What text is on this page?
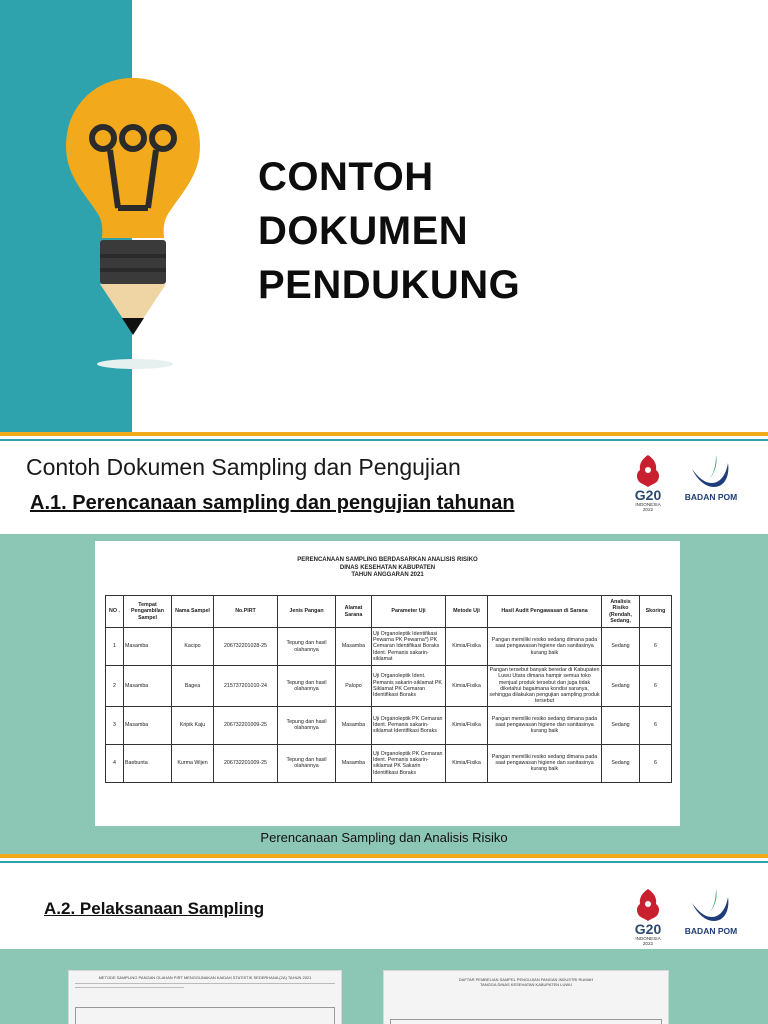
CONTOH
DOKUMEN
PENDUKUNG
Contoh Dokumen Sampling dan Pengujian
A.1. Perencanaan sampling dan pengujian tahunan	G20
INDONESIA
2022
BADAN POM
PERENCANAAN SAMPLING BERDASARKAN ANALISIS RISIKO
DINAS KESEHATAN KABUPATEN
TAHUN ANGGARAN 2021
NO .	Tempat Pengambilan Sampel	Nama Sampel	No.PIRT	Jenis Pangan	Alamat Sarana	Parameter Uji	Metode Uji	Hasil Audit Pengawasan di Sarana	Analisis Risiko (Rendah, Sedang,	Skoring
1	Masamba	Kacipo	206732201028-25	Tepung dan hasil olahannya	Masamba	Uji Organoleptik Identifikasi Pewarna PK Pewarna*) PK Cemaran Identifikasi Boraks Ident. Pemanis sakarin-siklamat	Kimia/Fisika	Pangan memiliki resiko sedang dimana pada saat pengawasan higiene dan sanitasinya kurang baik	Sedang	6
2	Masamba	Bagea	215737201010-24	Tepung dan hasil olahannya	Palopo	Uji Organoleptik Ident. Pemanis sakarin-siklamat PK Siklamat PK Cemaran Identifikasi Boraks	Kimia/Fisika	Pangan tersebut banyak beredar di Kabupaten Luwu Utara dimana hampir semua toko menjual produk tersebut dan juga tidak diketahui bagaimana kondisi saranya, sehingga dilakukan pengujian sampling produk tersebut	Sedang	6
3	Masamba	Kripik Kaju	206732201009-25	Tepung dan hasil olahannya	Masamba	Uji Organoleptik PK Cemaran Ident. Pemanis sakarin-siklamat Identifikasi Boraks	Kimia/Fisika	Pangan memiliki resiko sedang dimana pada saat pengawasan higiene dan sanitasinya kurang baik	Sedang	6
4	Baebunta	Kurma Wijen	206732201009-25	Tepung dan hasil olahannya	Masamba	Uji Organoleptik PK Cemaran Ident. Pemanis sakarin-siklamat PK Sakarin Identifikasi Boraks	Kimia/Fisika	Pangan memiliki resiko sedang dimana pada saat pengawasan higiene dan sanitasinya kurang baik	Sedang	6
Perencanaan Sampling dan Analisis Risiko
A.2. Pelaksanaan Sampling
G20
INDONESIA
2022
BADAN POM
METODE SAMPLING PANGAN OLAHAN PIRT MENGGUNAKAN KAIDAH STATISTIK SEDERHANA (2A) TAHUN 2021	DAFTAR PEMBELIAN SAMPEL PENGUJIAN PANGAN INDUSTRI RUMAH TANGGA DINAS KESEHATAN KABUPATEN LUWU
